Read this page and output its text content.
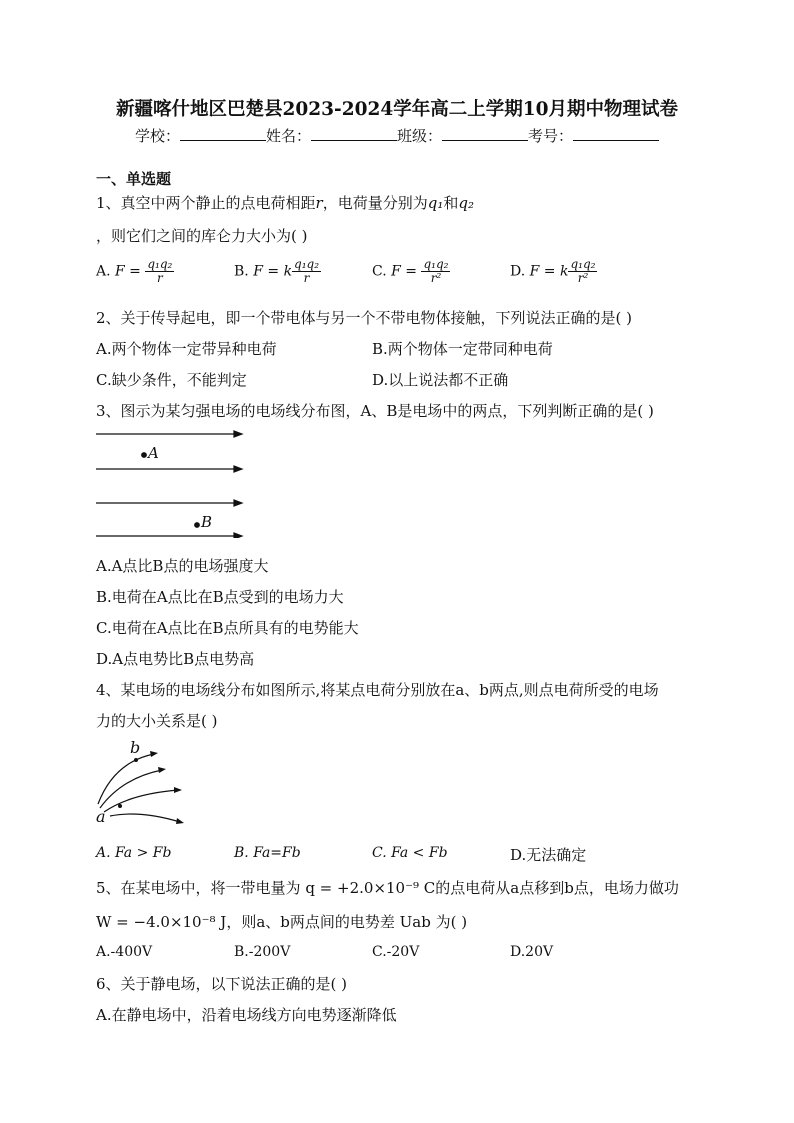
新疆喀什地区巴楚县2023-2024学年高二上学期10月期中物理试卷
学校：	姓名：	班级：	考号：
一、单选题
1、真空中两个静止的点电荷相距r，电荷量分别为q₁和q₂
，则它们之间的库仑力大小为( )
A. $F = \frac{\text{q₁q₂}}{r}$	B. F = k $\frac{\text{q₁q₂}}{r}$	C. $F = \frac{\text{q₁q₂}}{\text{r²}}$	D. F = k $\frac{\text{q₁q₂}}{\text{r²}}$
2、关于传导起电，即一个带电体与另一个不带电物体接触，下列说法正确的是( )
A.两个物体一定带异种电荷	B.两个物体一定带同种电荷
C.缺少条件，不能判定	D.以上说法都不正确
3、图示为某匀强电场的电场线分布图，A、B是电场中的两点，下列判断正确的是( )
A
B
A.A点比B点的电场强度大
B.电荷在A点比在B点受到的电场力大
C.电荷在A点比在B点所具有的电势能大
D.A点电势比B点电势高
4、某电场的电场线分布如图所示,将某点电荷分别放在a、b两点,则点电荷所受的电场
力的大小关系是( )
b
a
A. Fa > Fb	B. Fa=Fb	C. Fa < Fb	D.无法确定
5、在某电场中，将一带电量为 q = +2.0×10⁻⁹ C的点电荷从a点移到b点，电场力做功
W = −4.0×10⁻⁸ J，则a、b两点间的电势差 Uab 为( )
A.-400V	B.-200V	C.-20V	D.20V
6、关于静电场，以下说法正确的是( )
A.在静电场中，沿着电场线方向电势逐渐降低
